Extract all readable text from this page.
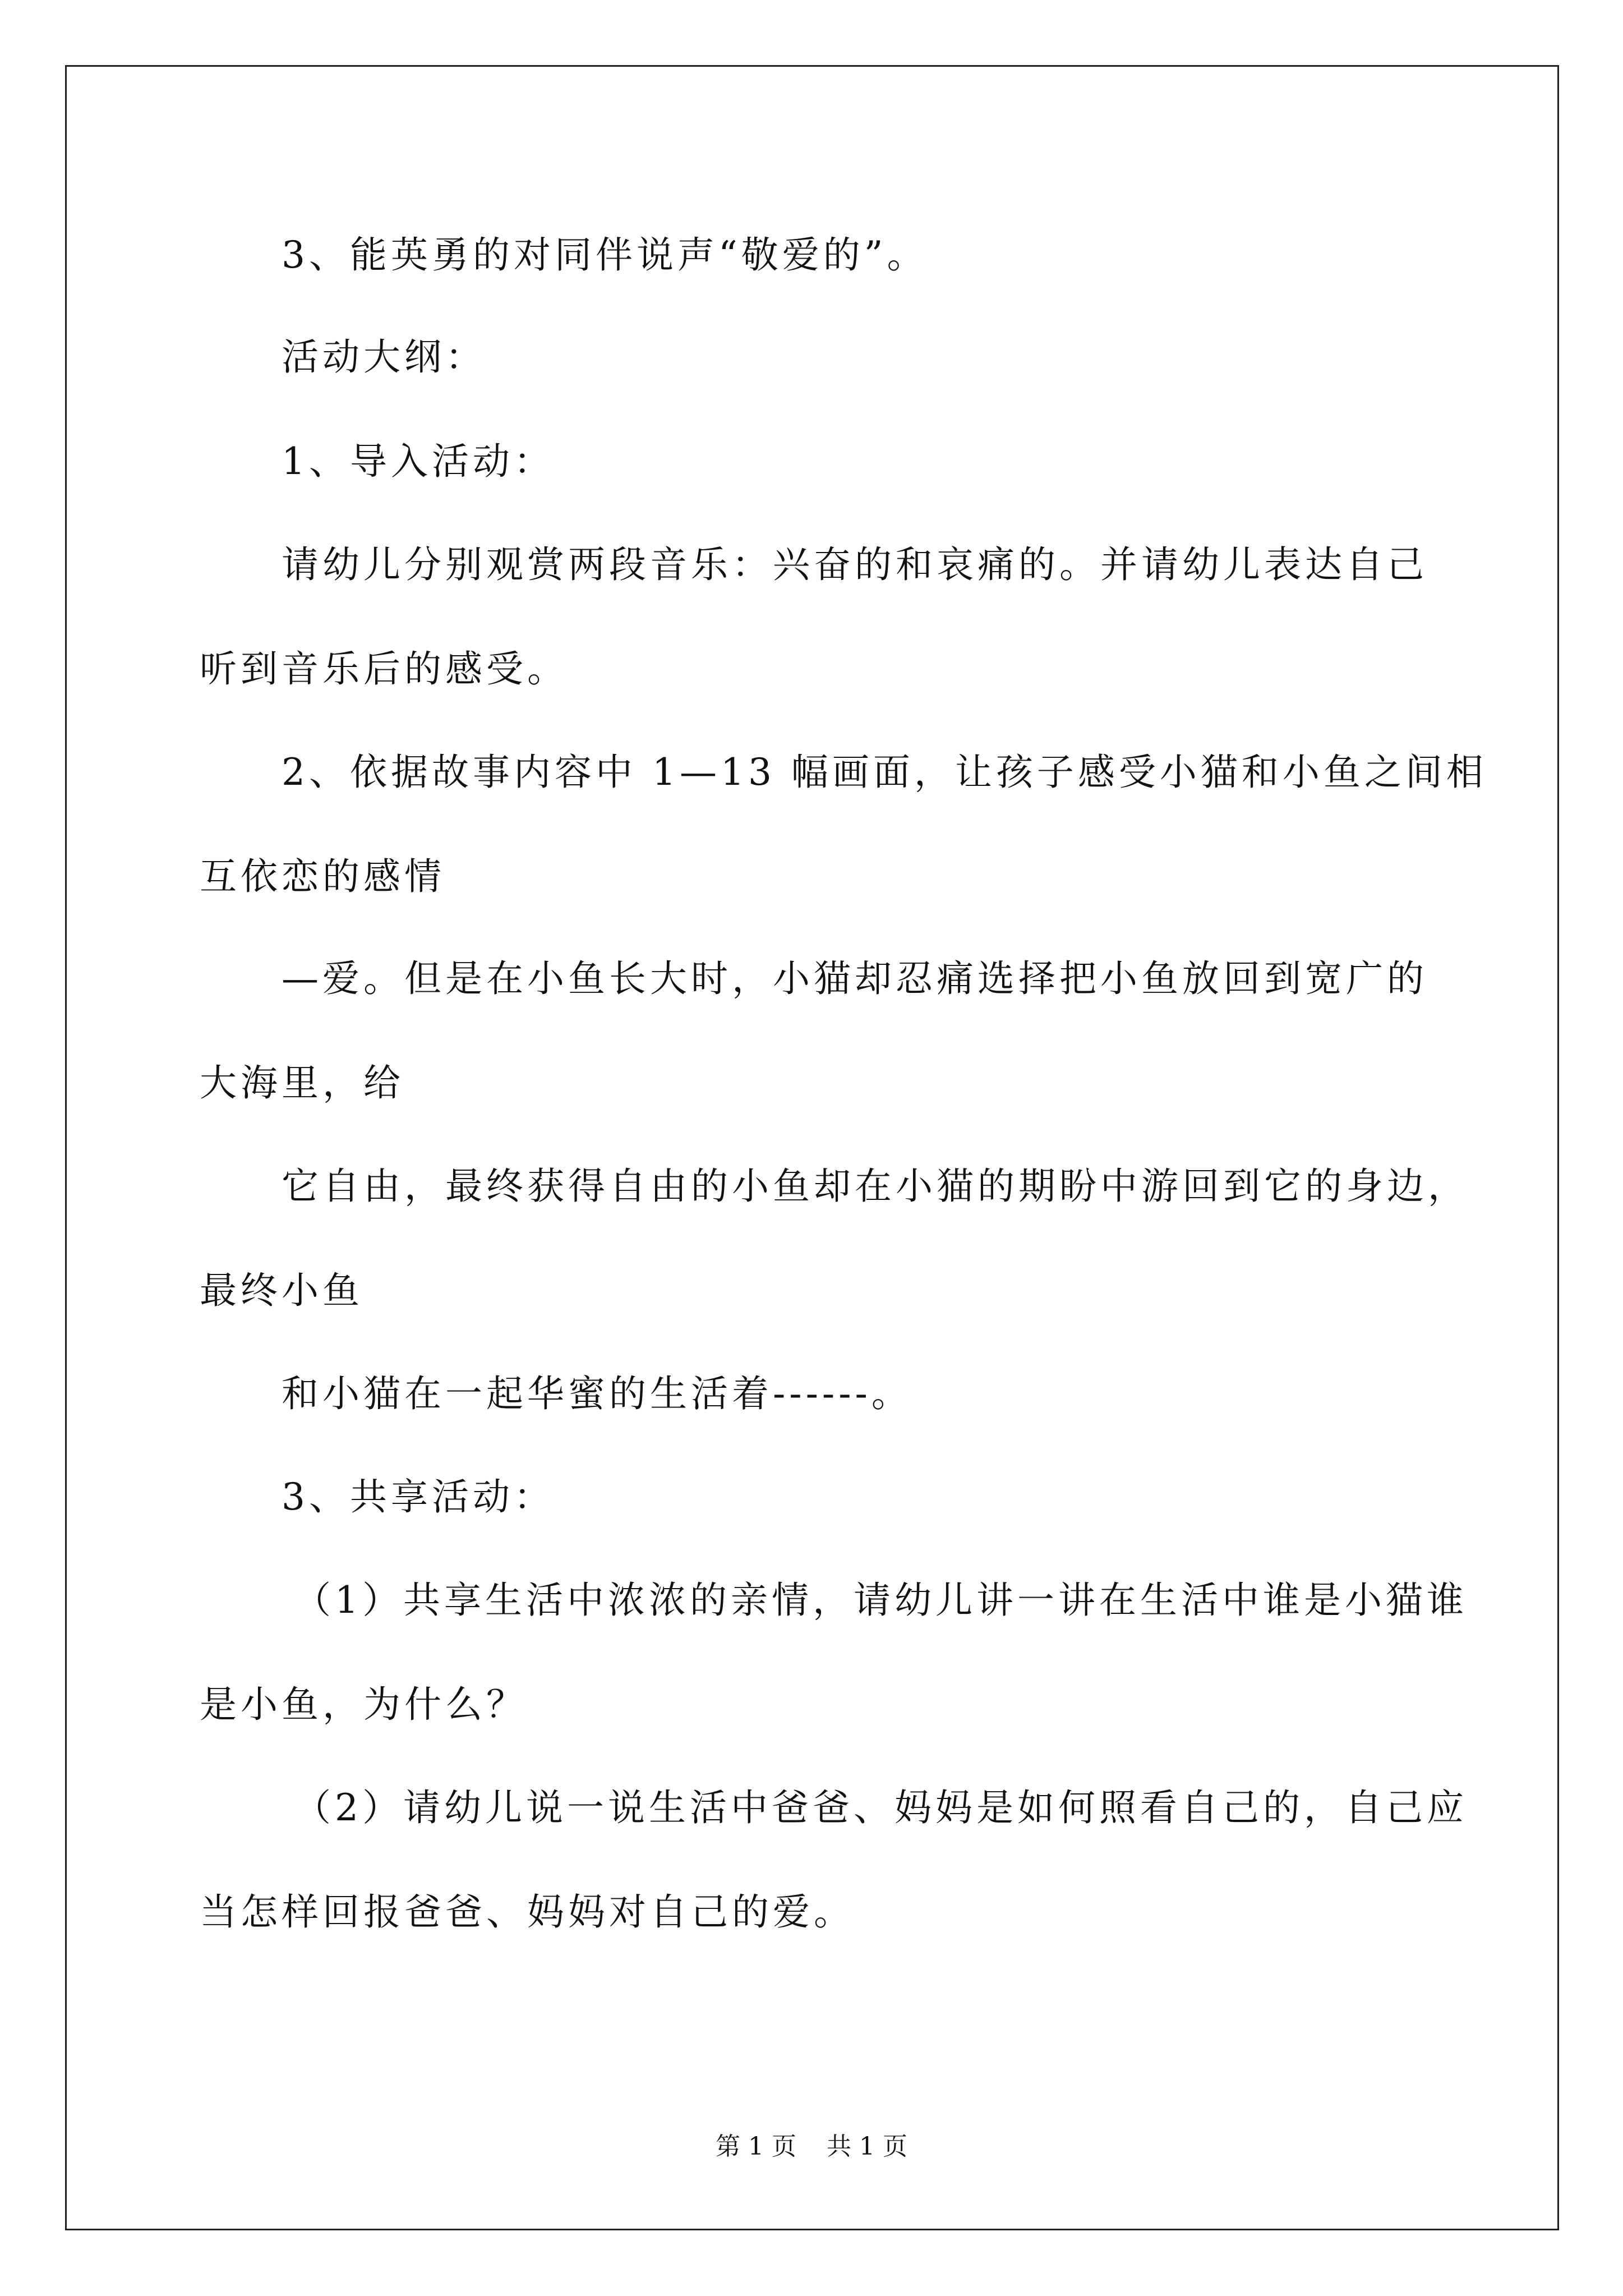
3、能英勇的对同伴说声“敬爱的”。
活动大纲：
1、导入活动：
请幼儿分别观赏两段音乐：兴奋的和哀痛的。并请幼儿表达自己
听到音乐后的感受。
2、依据故事内容中 1—13 幅画面，让孩子感受小猫和小鱼之间相
互依恋的感情
—爱。但是在小鱼长大时，小猫却忍痛选择把小鱼放回到宽广的
大海里，给
它自由，最终获得自由的小鱼却在小猫的期盼中游回到它的身边，
最终小鱼
和小猫在一起华蜜的生活着------。
3、共享活动：
（1）共享生活中浓浓的亲情，请幼儿讲一讲在生活中谁是小猫谁
是小鱼，为什么？
（2）请幼儿说一说生活中爸爸、妈妈是如何照看自己的，自己应
当怎样回报爸爸、妈妈对自己的爱。
第 1 页 共 1 页
